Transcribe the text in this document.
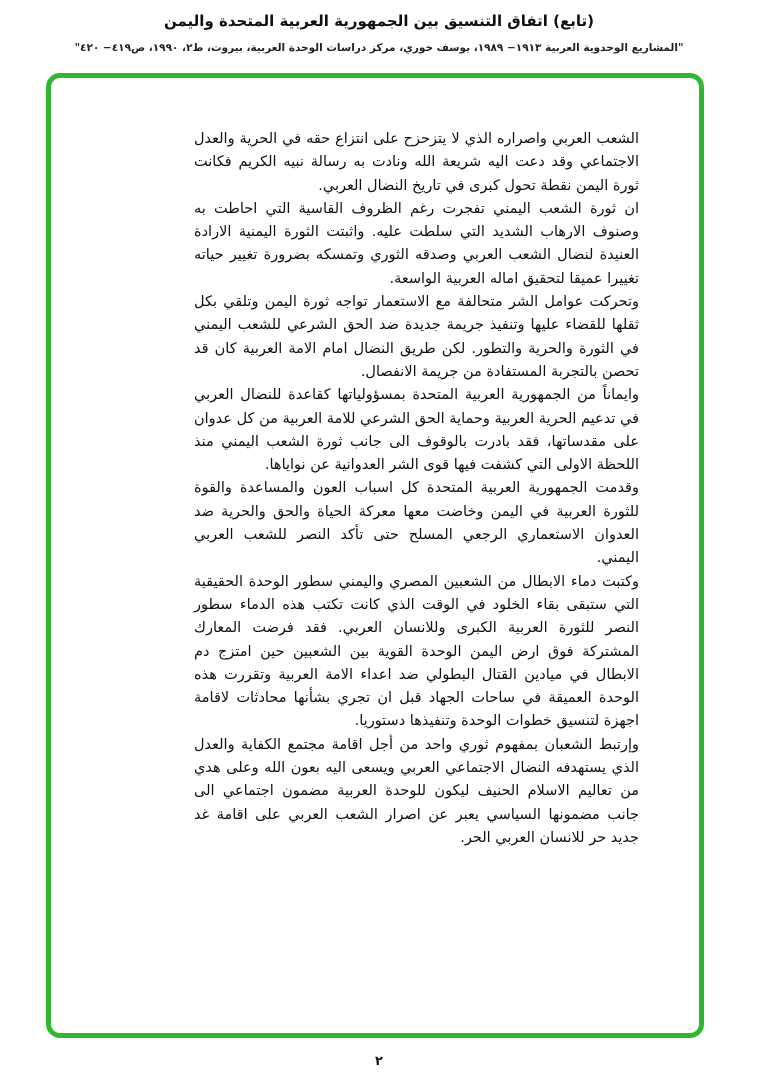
(تابع) اتفاق التنسيق بين الجمهورية العربية المتحدة واليمن
"المشاريع الوحدوية العربية ١٩١٣− ١٩٨٩، يوسف خوري، مركز دراسات الوحدة العربية، بيروت، ط٢، ١٩٩٠، ص٤١٩− ٤٢٠"

الشعب العربي واصراره الذي لا يتزحزح على انتزاع حقه في الحرية والعدل الاجتماعي وقد دعت اليه شريعة الله ونادت به رسالة نبيه الكريم فكانت ثورة اليمن نقطة تحول كبرى في تاريخ النضال العربي.

ان ثورة الشعب اليمني تفجرت رغم الظروف القاسية التي احاطت به وصنوف الارهاب الشديد التي سلطت عليه. واثبتت الثورة اليمنية الارادة العنيدة لنضال الشعب العربي وصدقه الثوري وتمسكه بضرورة تغيير حياته تغييرا عميقا لتحقيق اماله العربية الواسعة.

وتحركت عوامل الشر متحالفة مع الاستعمار تواجه ثورة اليمن وتلقي بكل ثقلها للقضاء عليها وتنفيذ جريمة جديدة ضد الحق الشرعي للشعب اليمني في الثورة والحرية والتطور. لكن طريق النضال امام الامة العربية كان قد تحصن بالتجربة المستفادة من جريمة الانفصال.

وايماناً من الجمهورية العربية المتحدة بمسؤولياتها كقاعدة للنضال العربي في تدعيم الحرية العربية وحماية الحق الشرعي للامة العربية من كل عدوان على مقدساتها، فقد بادرت بالوقوف الى جانب ثورة الشعب اليمني منذ اللحظة الاولى التي كشفت فيها قوى الشر العدوانية عن نواياها.

وقدمت الجمهورية العربية المتحدة كل اسباب العون والمساعدة والقوة للثورة العربية في اليمن وخاضت معها معركة الحياة والحق والحرية ضد العدوان الاستعماري الرجعي المسلح حتى تأكد النصر للشعب العربي اليمني.

وكتبت دماء الابطال من الشعبين المصري واليمني سطور الوحدة الحقيقية التي ستبقى بقاء الخلود في الوقت الذي كانت تكتب هذه الدماء سطور النصر للثورة العربية الكبرى وللانسان العربي. فقد فرضت المعارك المشتركة فوق ارض اليمن الوحدة القوية بين الشعبين حين امتزج دم الابطال في ميادين القتال البطولي ضد اعداء الامة العربية وتقررت هذه الوحدة العميقة في ساحات الجهاد قبل ان تجري بشأنها محادثات لاقامة اجهزة لتنسيق خطوات الوحدة وتنفيذها دستوريا.

وإرتبط الشعبان بمفهوم ثوري واحد من أجل اقامة مجتمع الكفاية والعدل الذي يستهدفه النضال الاجتماعي العربي ويسعى اليه بعون الله وعلى هدي من تعاليم الاسلام الحنيف ليكون للوحدة العربية مضمون اجتماعي الى جانب مضمونها السياسي يعبر عن اصرار الشعب العربي على اقامة غد جديد حر للانسان العربي الحر.

٢
